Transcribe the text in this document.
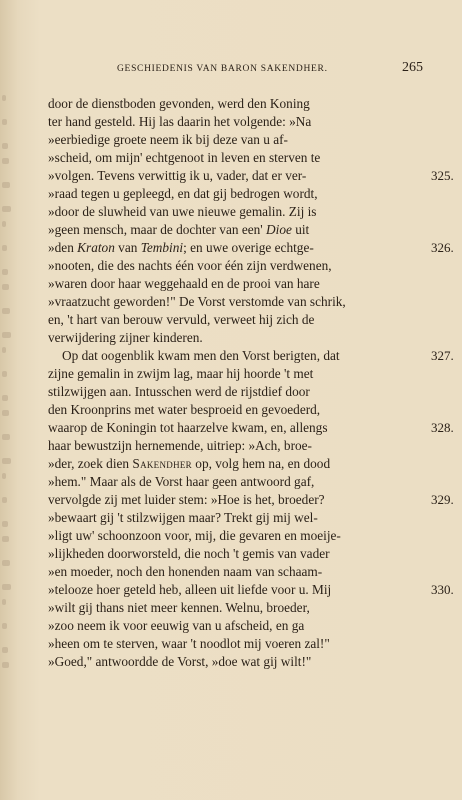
GESCHIEDENIS VAN BARON SAKENDHER.	265
door de dienstboden gevonden, werd den Koning
ter hand gesteld. Hij las daarin het volgende: »Na
»eerbiedige groete neem ik bij deze van u af-
»scheid, om mijn' echtgenoot in leven en sterven te
»volgen. Tevens verwittig ik u, vader, dat er ver-
»raad tegen u gepleegd, en dat gij bedrogen wordt,
»door de sluwheid van uwe nieuwe gemalin. Zij is
»geen mensch, maar de dochter van een' Dioe uit
»den Kraton van Tembini; en uwe overige echtge-
»nooten, die des nachts één voor één zijn verdwenen,
»waren door haar weggehaald en de prooi van hare
»vraatzucht geworden!" De Vorst verstomde van schrik,
en, 't hart van berouw vervuld, verweet hij zich de
verwijdering zijner kinderen.
Op dat oogenblik kwam men den Vorst berigten, dat
zijne gemalin in zwijm lag, maar hij hoorde 't met
stilzwijgen aan. Intusschen werd de rijstdief door
den Kroonprins met water besproeid en gevoederd,
waarop de Koningin tot haarzelve kwam, en, allengs
haar bewustzijn hernemende, uitriep: »Ach, broe-
»der, zoek dien Sakendher op, volg hem na, en dood
»hem." Maar als de Vorst haar geen antwoord gaf,
vervolgde zij met luider stem: »Hoe is het, broeder?
»bewaart gij 't stilzwijgen maar? Trekt gij mij wel-
»ligt uw' schoonzoon voor, mij, die gevaren en moeije-
»lijkheden doorworsteld, die noch 't gemis van vader
»en moeder, noch den honenden naam van schaam-
»telooze hoer geteld heb, alleen uit liefde voor u. Mij
»wilt gij thans niet meer kennen. Welnu, broeder,
»zoo neem ik voor eeuwig van u afscheid, en ga
»heen om te sterven, waar 't noodlot mij voeren zal!"
»Goed," antwoordde de Vorst, »doe wat gij wilt!"
325.
326.
327.
328.
329.
330.
